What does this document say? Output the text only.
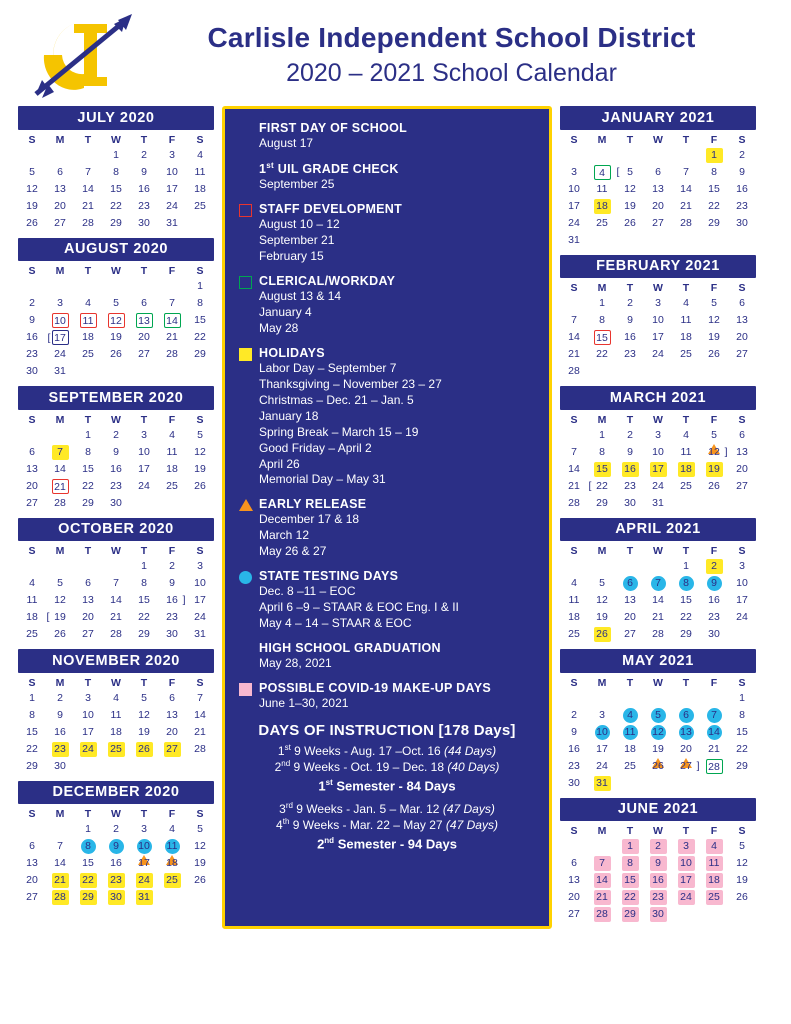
Carlisle Independent School District
2020 – 2021 School Calendar
JULY 2020
S	M	T	W	T	F	S
			1	2	3	4
5	6	7	8	9	10	11
12	13	14	15	16	17	18
19	20	21	22	23	24	25
26	27	28	29	30	31	
AUGUST 2020
S	M	T	W	T	F	S
						1
2	3	4	5	6	7	8
9	10	11	12	13	14	15
16	[ 17	18	19	20	21	22
23	24	25	26	27	28	29
30	31					
SEPTEMBER 2020
S	M	T	W	T	F	S
		1	2	3	4	5
6	7	8	9	10	11	12
13	14	15	16	17	18	19
20	21	22	23	24	25	26
27	28	29	30			
OCTOBER 2020
S	M	T	W	T	F	S
				1	2	3
4	5	6	7	8	9	10
11	12	13	14	15	16 ]	17
18	[ 19	20	21	22	23	24
25	26	27	28	29	30	31
NOVEMBER 2020
S	M	T	W	T	F	S
1	2	3	4	5	6	7
8	9	10	11	12	13	14
15	16	17	18	19	20	21
22	23	24	25	26	27	28
29	30					
DECEMBER 2020
S	M	T	W	T	F	S
		1	2	3	4	5
6	7	8	9	10	11	12
13	14	15	16	17	18	19
20	21	22	23	24	25	26
27	28	29	30	31		
FIRST DAY OF SCHOOL
August 17
1st UIL GRADE CHECK
September 25
STAFF DEVELOPMENT
August 10 – 12
September 21
February 15
CLERICAL/WORKDAY
August 13 & 14
January 4
May 28
HOLIDAYS
Labor Day – September 7
Thanksgiving – November 23 – 27
Christmas – Dec. 21 – Jan. 5
January 18
Spring Break – March 15 – 19
Good Friday – April 2
April 26
Memorial Day – May 31
EARLY RELEASE
December 17 & 18
March 12
May 26 & 27
STATE TESTING DAYS
Dec. 8 –11 – EOC
April 6 –9 – STAAR & EOC Eng. I & II
May 4 – 14 – STAAR & EOC
HIGH SCHOOL GRADUATION
May 28, 2021
POSSIBLE COVID-19 MAKE-UP DAYS
June 1–30, 2021
DAYS OF INSTRUCTION [178 Days]
1st 9 Weeks - Aug. 17 –Oct. 16 (44 Days)
2nd 9 Weeks - Oct. 19 – Dec. 18 (40 Days)
1st Semester - 84 Days
3rd 9 Weeks - Jan. 5 – Mar. 12 (47 Days)
4th 9 Weeks - Mar. 22 – May 27 (47 Days)
2nd Semester - 94 Days
JANUARY 2021
S	M	T	W	T	F	S
					1	2
3	4	[ 5	6	7	8	9
10	11	12	13	14	15	16
17	18	19	20	21	22	23
24	25	26	27	28	29	30
31						
FEBRUARY 2021
S	M	T	W	T	F	S
	1	2	3	4	5	6
7	8	9	10	11	12	13
14	15	16	17	18	19	20
21	22	23	24	25	26	27
28						
MARCH 2021
S	M	T	W	T	F	S
	1	2	3	4	5	6
7	8	9	10	11	12 ]	13
14	15	16	17	18	19	20
21	[ 22	23	24	25	26	27
28	29	30	31			
APRIL 2021
S	M	T	W	T	F	S
				1	2	3
4	5	6	7	8	9	10
11	12	13	14	15	16	17
18	19	20	21	22	23	24
25	26	27	28	29	30	
MAY 2021
S	M	T	W	T	F	S
						1
2	3	4	5	6	7	8
9	10	11	12	13	14	15
16	17	18	19	20	21	22
23	24	25	26	27 ]	28	29
30	31					
JUNE 2021
S	M	T	W	T	F	S
		1	2	3	4	5
6	7	8	9	10	11	12
13	14	15	16	17	18	19
20	21	22	23	24	25	26
27	28	29	30			
